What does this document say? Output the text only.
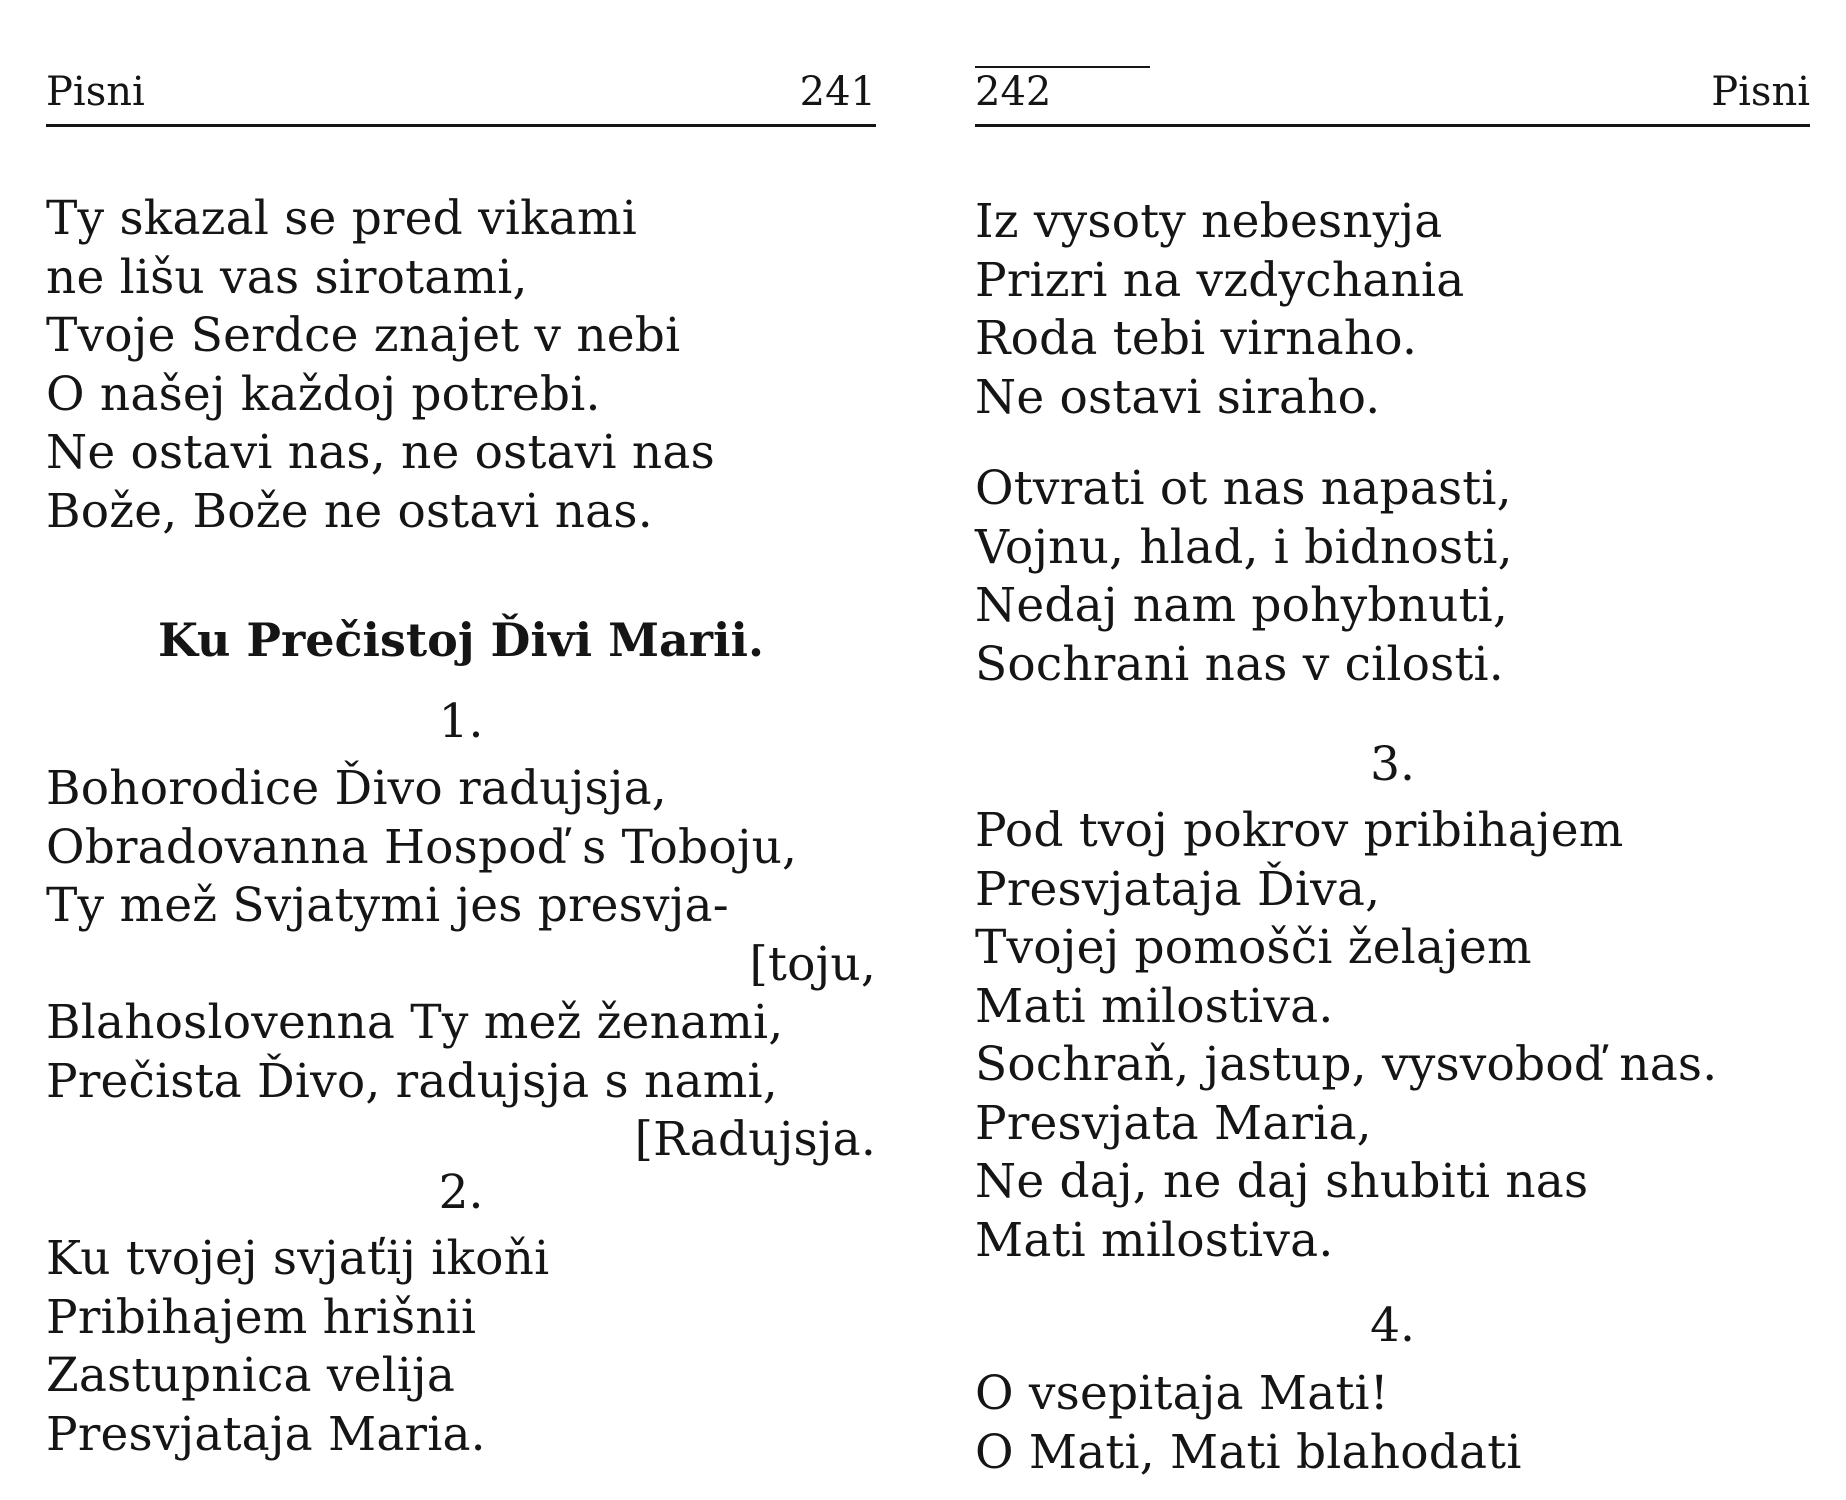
Pisni	241
Ty skazal se pred vikami
ne lišu vas sirotami,
Tvoje Serdce znajet v nebi
O našej každoj potrebi.
Ne ostavi nas, ne ostavi nas
Bože, Bože ne ostavi nas.
Ku Prečistoj Ďivi Marii.
1.
Bohorodice Ďivo radujsja,
Obradovanna Hospoď s Toboju,
Ty mež Svjatymi jes presvja-
[toju,
Blahoslovenna Ty mež ženami,
Prečista Ďivo, radujsja s nami,
[Radujsja.
2.
Ku tvojej svjaťij ikoňi
Pribihajem hrišnii
Zastupnica velija
Presvjataja Maria.
242	Pisni
Iz vysoty nebesnyja
Prizri na vzdychania
Roda tebi virnaho.
Ne ostavi siraho.
Otvrati ot nas napasti,
Vojnu, hlad, i bidnosti,
Nedaj nam pohybnuti,
Sochrani nas v cilosti.
3.
Pod tvoj pokrov pribihajem
Presvjataja Ďiva,
Tvojej pomošči želajem
Mati milostiva.
Sochraň, jastup, vysvoboď nas.
Presvjata Maria,
Ne daj, ne daj shubiti nas
Mati milostiva.
4.
O vsepitaja Mati!
O Mati, Mati blahodati
